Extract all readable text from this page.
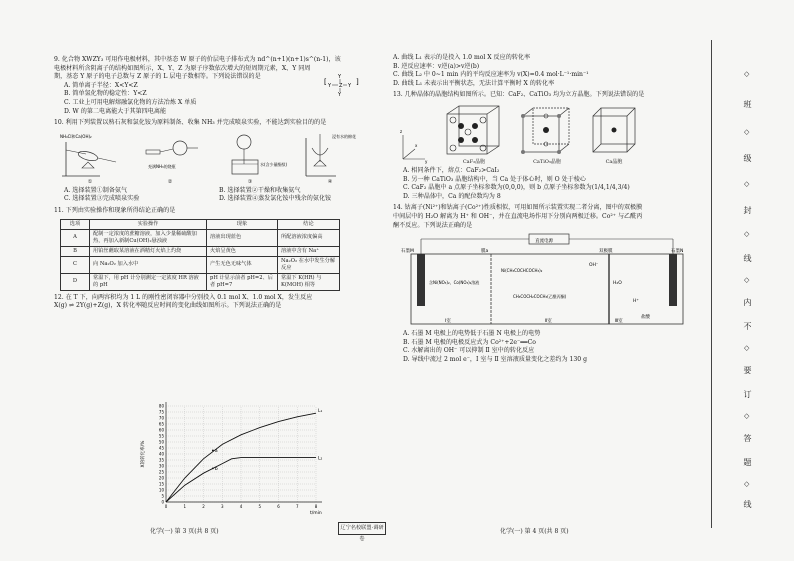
9. 化合物 XWZY₃ 可用作电极材料，其中基态 W 原子的价层电子排布式为 nd^(n+1)(n+1)s^(n-1)，该

电极材料所含阴离子的结构如图所示，X、Y、Z 为原子序数依次增大的短周期元素，X、Y 同周

期，基态 Y 原子的电子总数与 Z 原子的 L 层电子数相等。下列说法错误的是

[	]
Y
Y Z Y
Y

A. 简单离子半径：X<Y<Z

B. 简单氢化物的稳定性：Y<Z

C. 工业上可用电解熔融氯化物的方法冶炼 X 单质

D. W 的第二电离能大于其第四电离能

10. 利用下列装置以熟石灰和氯化铵为原料制备、收集 NH₃ 并完成喷泉实验，不能达到实验目的的是

NH₄Cl和Ca(OH)₂
①
充满NH₃的烧瓶
②
水(含少量酚酞)
③
浸有水的棉花
④
A. 选择装置①制备氨气	B. 选择装置②干燥和收集氨气
C. 选择装置③完成喷泉实验	D. 选择装置④蒸发氯化铵中残余的氨化铵

11. 下列由实验操作和现象所得结论正确的是

选项	实验操作	现象	结论
A	配制一定浓度的蔗糖溶液，加入少量稀硫酸加热，再加入新制Cu(OH)₂悬浊液	溶液出现蓝色	所配溶液浓度偏高
B	用铂丝蘸取某溶液在酒精灯火焰上灼烧	火焰呈黄色	溶液中含有 Na⁺
C	向 Na₂O₂ 加入水中	产生无色无味气体	Na₂O₂ 在水中发生分解反应
D	常温下，用 pH 计分别测定一定浓度 HR 溶液的 pH	pH 计显示前者 pH=2、后者 pH=7	常温下 K(HR) 与 K(MOH) 相等

12. 在 T 下，向两容积均为 1 L 的刚性密闭容器中分别投入 0.1 mol X、1.0 mol X，发生反应

X(g) ⇌ 2Y(g)+Z(g)，X 转化率随反应时间的变化曲线如图所示。下列说法正确的是

0
5
10
15
20
25
30
35
40
45
50
55
60
65
70
75
80
0	1	2	3	4	5	6	7	8
t/min
X的转化率/%
L₁
L₂
a
b

A. 曲线 L₁ 表示的是投入 1.0 mol X 反应的转化率

B. 逆反应速率：v逆(a)>v逆(b)

C. 曲线 L₂ 中 0~1 min 内的平均反应速率为 v(X)=0.4 mol·L⁻¹·min⁻¹

D. 曲线 L₁ 未表示出平衡状态，无法计算平衡时 X 的转化率

13. 几种晶体的晶胞结构如图所示。已知：CaF₂、CaTiO₃ 均为立方晶胞。下列说法错误的是

z
y
x
CaF₂晶胞	CaTiO₃晶胞	Ca晶胞

A. 相同条件下，熔点：CaF₂>CaI₂

B. 另一种 CaTiO₃ 晶胞结构中，当 Ca 处于体心时，则 O 处于棱心

C. CaF₂ 晶胞中 a 点原子坐标参数为(0,0,0)，则 b 点原子坐标参数为(1/4,1/4,3/4)

D. 三种晶体中，Ca 的配位数均为 8

14. 钴离子(Ni²⁺)和钴离子(Co²⁺)性质相似，可用如图所示装置实现二者分离，图中的双极膜

中间层中的 H₂O 解离为 H⁺ 和 OH⁻，并在直流电场作用下分别向两极迁移。Co²⁺ 与乙酰丙

酮不反应。下列说法正确的是

直流电源
石墨M	石墨N
膜a	双极膜
含Ni(NO₃)₂、Co(NO₃)₂溶液
Ni(CH₃COCHCOCH₃)₂
CH₃COCH₂COCH₃(乙酰丙酮)
OH⁻
H₂O
H⁺
盐酸
Ⅰ室	Ⅱ室	Ⅲ室

A. 石墨 M 电极上的电势低于石墨 N 电极上的电势

B. 石墨 M 电极的电极反应式为 Co²⁺+2e⁻══Co

C. 水解离出的 OH⁻ 可以抑制 Ⅱ 室中的转化反应

D. 导线中流过 2 mol e⁻，Ⅰ 室与 Ⅱ 室溶液质量变化之差约为 130 g

化学(一) 第 3 页(共 8 页)	辽宁名校联盟·调研卷
化学(一) 第 4 页(共 8 页)
◇
班
◇
级
◇
封
◇
线
◇
内
不
◇
要
订
◇
答
题
◇
线
